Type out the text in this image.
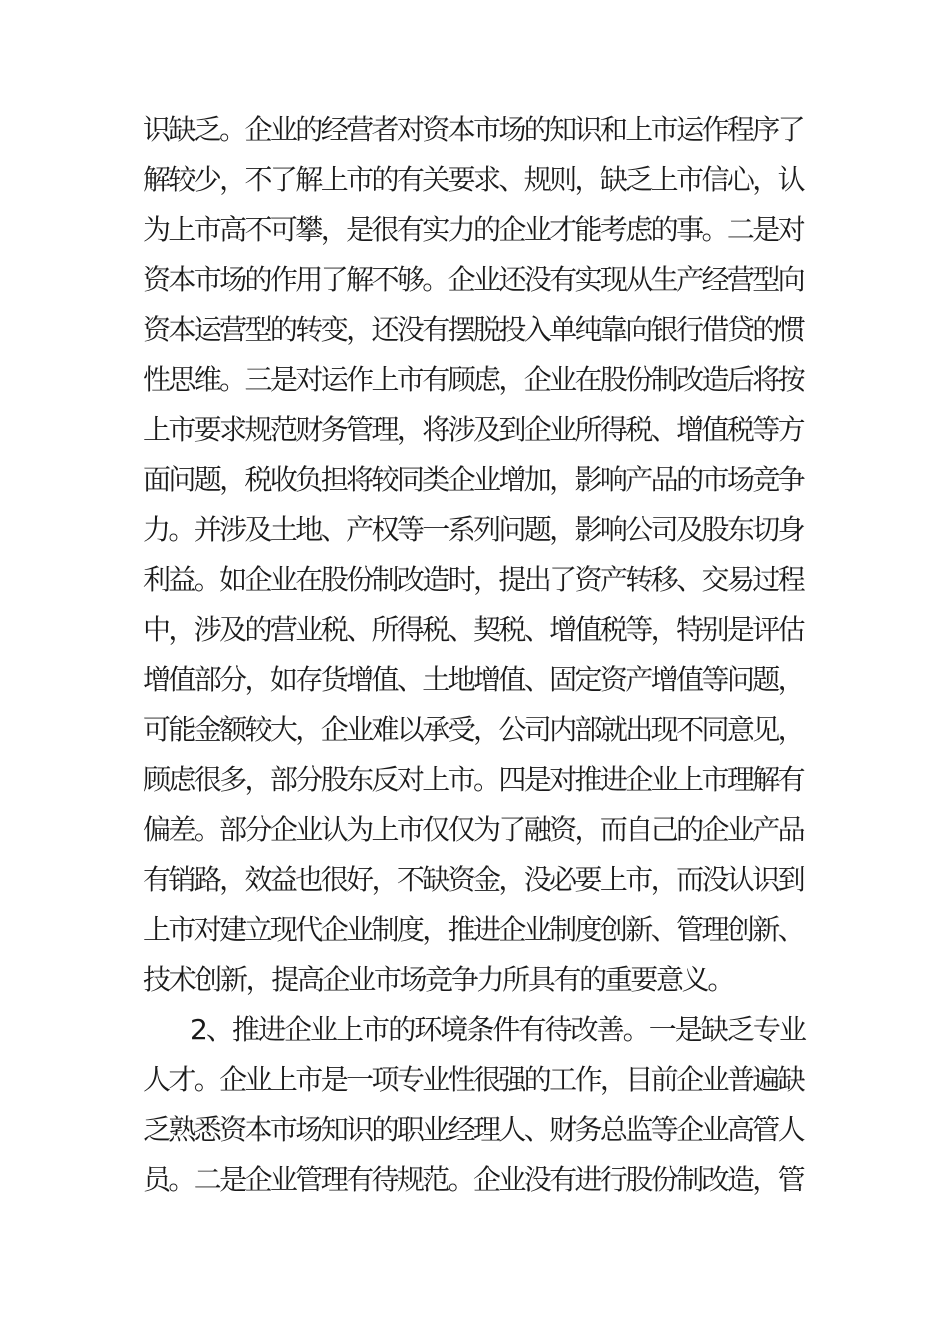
识缺乏。企业的经营者对资本市场的知识和上市运作程序了

解较少，不了解上市的有关要求、规则，缺乏上市信心，认

为上市高不可攀，是很有实力的企业才能考虑的事。二是对

资本市场的作用了解不够。企业还没有实现从生产经营型向

资本运营型的转变，还没有摆脱投入单纯靠向银行借贷的惯

性思维。三是对运作上市有顾虑，企业在股份制改造后将按

上市要求规范财务管理，将涉及到企业所得税、增值税等方

面问题，税收负担将较同类企业增加，影响产品的市场竞争

力。并涉及土地、产权等一系列问题，影响公司及股东切身

利益。如企业在股份制改造时，提出了资产转移、交易过程

中，涉及的营业税、所得税、契税、增值税等，特别是评估

增值部分，如存货增值、土地增值、固定资产增值等问题，

可能金额较大，企业难以承受，公司内部就出现不同意见，

顾虑很多，部分股东反对上市。四是对推进企业上市理解有

偏差。部分企业认为上市仅仅为了融资，而自己的企业产品

有销路，效益也很好，不缺资金，没必要上市，而没认识到

上市对建立现代企业制度，推进企业制度创新、管理创新、

技术创新，提高企业市场竞争力所具有的重要意义。

2、推进企业上市的环境条件有待改善。一是缺乏专业

人才。企业上市是一项专业性很强的工作，目前企业普遍缺

乏熟悉资本市场知识的职业经理人、财务总监等企业高管人

员。二是企业管理有待规范。企业没有进行股份制改造，管
